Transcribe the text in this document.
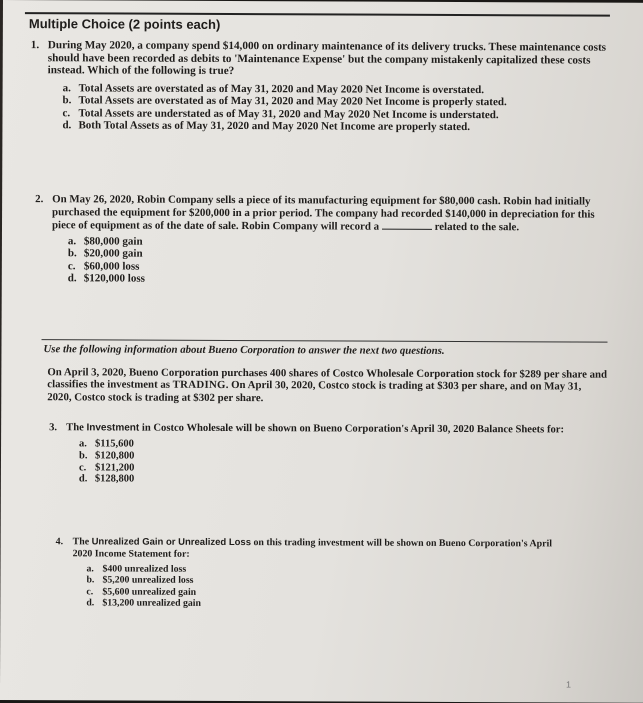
Multiple Choice (2 points each)
1. During May 2020, a company spend $14,000 on ordinary maintenance of its delivery trucks. These maintenance costs
should have been recorded as debits to 'Maintenance Expense' but the company mistakenly capitalized these costs
instead. Which of the following is true?
a. Total Assets are overstated as of May 31, 2020 and May 2020 Net Income is overstated.
b. Total Assets are overstated as of May 31, 2020 and May 2020 Net Income is properly stated.
c. Total Assets are understated as of May 31, 2020 and May 2020 Net Income is understated.
d. Both Total Assets as of May 31, 2020 and May 2020 Net Income are properly stated.
2. On May 26, 2020, Robin Company sells a piece of its manufacturing equipment for $80,000 cash. Robin had initially
purchased the equipment for $200,000 in a prior period. The company had recorded $140,000 in depreciation for this
piece of equipment as of the date of sale. Robin Company will record a	related to the sale.
a. $80,000 gain
b. $20,000 gain
c. $60,000 loss
d. $120,000 loss
Use the following information about Bueno Corporation to answer the next two questions.
On April 3, 2020, Bueno Corporation purchases 400 shares of Costco Wholesale Corporation stock for $289 per share and
classifies the investment as TRADING. On April 30, 2020, Costco stock is trading at $303 per share, and on May 31,
2020, Costco stock is trading at $302 per share.
3. The Investment in Costco Wholesale will be shown on Bueno Corporation's April 30, 2020 Balance Sheets for:
a. $115,600
b. $120,800
c. $121,200
d. $128,800
4. The Unrealized Gain or Unrealized Loss on this trading investment will be shown on Bueno Corporation's April
2020 Income Statement for:
a. $400 unrealized loss
b. $5,200 unrealized loss
c. $5,600 unrealized gain
d. $13,200 unrealized gain
1
